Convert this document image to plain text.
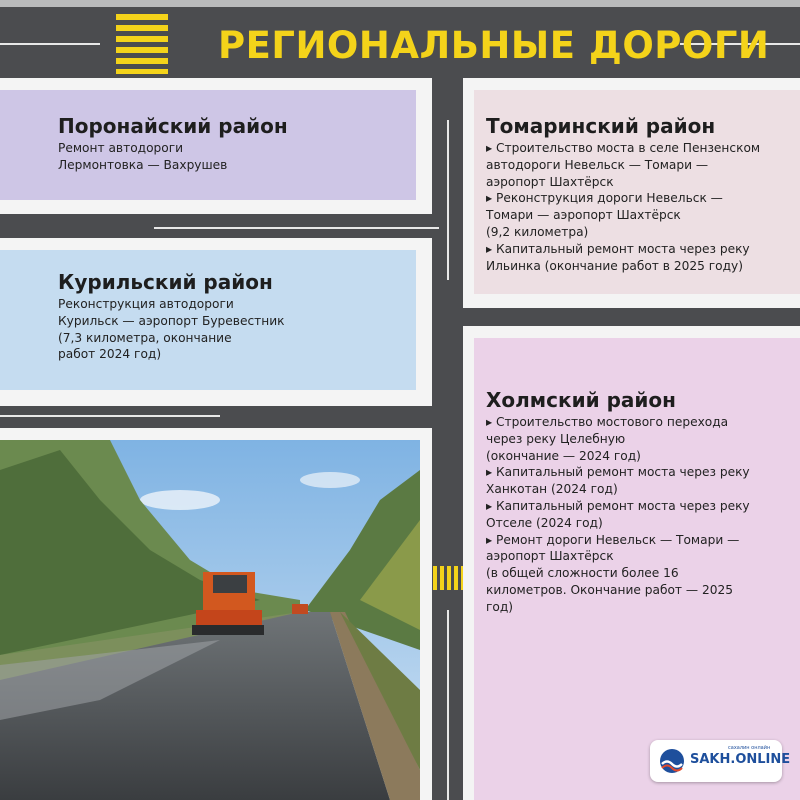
РЕГИОНАЛЬНЫЕ ДОРОГИ
Поронайский район

Ремонт автодороги

Лермонтовка — Вахрушев

Курильский район

Реконструкция автодороги

Курильск — аэропорт Буревестник

(7,3 километра, окончание

работ 2024 год)

Томаринский район

▸ Строительство моста в селе Пензенском

автодороги Невельск — Томари —

аэропорт Шахтёрск

▸ Реконструкция дороги Невельск —

Томари — аэропорт Шахтёрск

(9,2 километра)

▸ Капитальный ремонт моста через реку

Ильинка (окончание работ в 2025 году)

Холмский район

▸ Строительство мостового перехода

через реку Целебную

(окончание — 2024 год)

▸ Капитальный ремонт моста через реку

Ханкотан (2024 год)

▸ Капитальный ремонт моста через реку

Отселе (2024 год)

▸ Ремонт дороги Невельск — Томари —

аэропорт Шахтёрск

(в общей сложности более 16

километров. Окончание работ — 2025

год)

сахалин онлайн
SAKH.ONLINE
